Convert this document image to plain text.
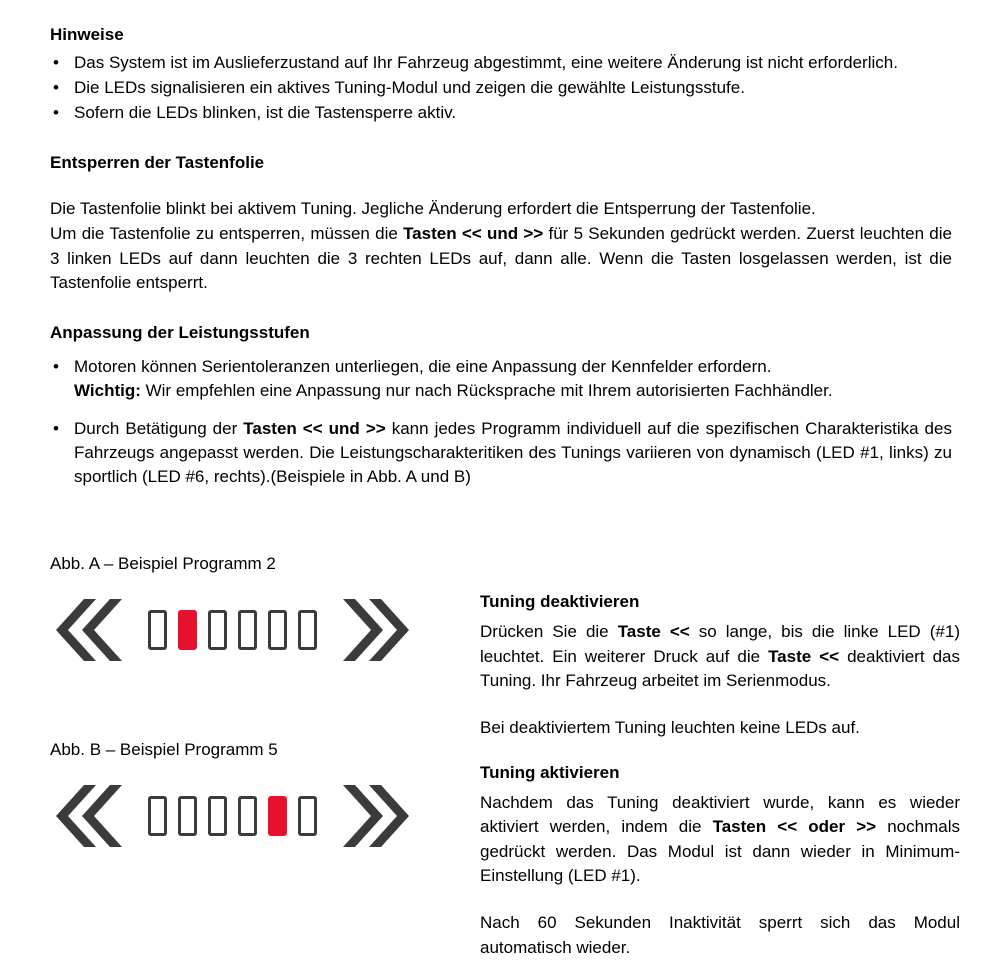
Hinweise
• Das System ist im Auslieferzustand auf Ihr Fahrzeug abgestimmt, eine weitere Änderung ist nicht erforderlich.
• Die LEDs signalisieren ein aktives Tuning-Modul und zeigen die gewählte Leistungsstufe.
• Sofern die LEDs blinken, ist die Tastensperre aktiv.
Entsperren der Tastenfolie

Die Tastenfolie blinkt bei aktivem Tuning. Jegliche Änderung erfordert die Entsperrung der Tastenfolie.

Um die Tastenfolie zu entsperren, müssen die Tasten << und >> für 5 Sekunden gedrückt werden. Zuerst leuchten die 3 linken LEDs auf dann leuchten die 3 rechten LEDs auf, dann alle. Wenn die Tasten losgelassen werden, ist die Tastenfolie entsperrt.

Anpassung der Leistungsstufen
• Motoren können Serientoleranzen unterliegen, die eine Anpassung der Kennfelder erfordern.
Wichtig: Wir empfehlen eine Anpassung nur nach Rücksprache mit Ihrem autorisierten Fachhändler.
• Durch Betätigung der Tasten << und >> kann jedes Programm individuell auf die spezifischen Charakteristika des Fahrzeugs angepasst werden. Die Leistungscharakteritiken des Tunings variieren von dynamisch (LED #1, links) zu sportlich (LED #6, rechts).(Beispiele in Abb. A und B)

Abb. A – Beispiel Programm 2

Abb. B – Beispiel Programm 5

Tuning deaktivieren

Drücken Sie die Taste << so lange, bis die linke LED (#1) leuchtet. Ein weiterer Druck auf die Taste << deaktiviert das Tuning. Ihr Fahrzeug arbeitet im Serienmodus.

Bei deaktiviertem Tuning leuchten keine LEDs auf.

Tuning aktivieren

Nachdem das Tuning deaktiviert wurde, kann es wieder aktiviert werden, indem die Tasten << oder >> nochmals gedrückt werden. Das Modul ist dann wieder in Minimum-Einstellung (LED #1).

Nach 60 Sekunden Inaktivität sperrt sich das Modul automatisch wieder.
